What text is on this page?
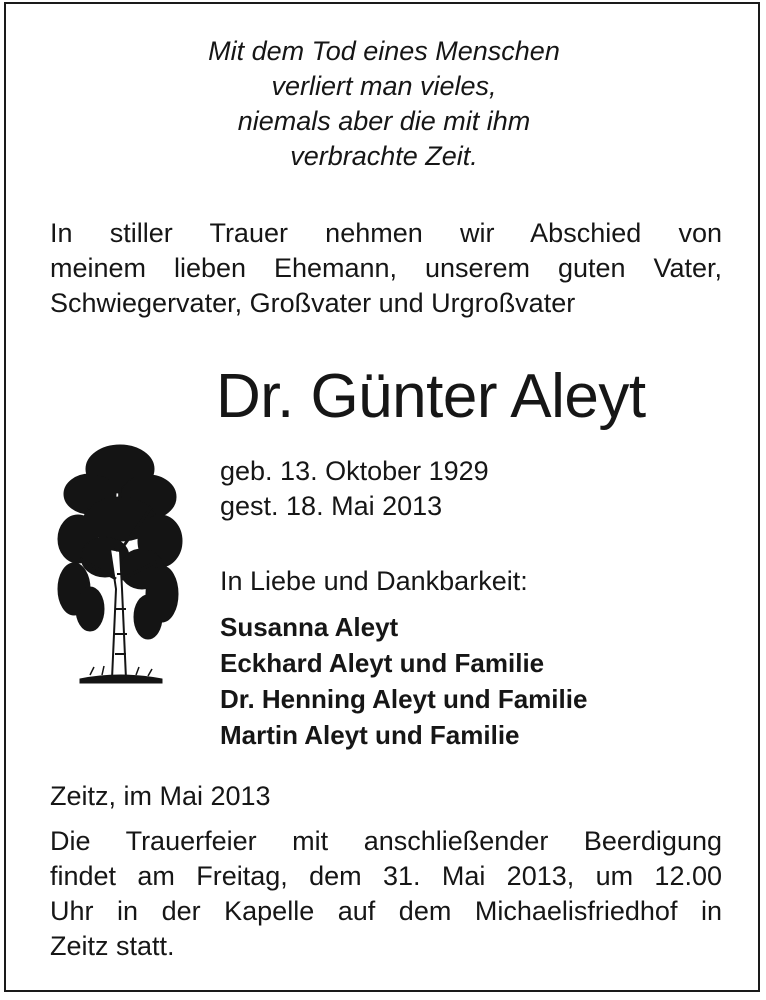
Mit dem Tod eines Menschen
verliert man vieles,
niemals aber die mit ihm
verbrachte Zeit.
In stiller Trauer nehmen wir Abschied von
meinem lieben Ehemann, unserem guten Vater,
Schwiegervater, Großvater und Urgroßvater
Dr. Günter Aleyt
geb. 13. Oktober 1929
gest. 18. Mai 2013
In Liebe und Dankbarkeit:
Susanna Aleyt
Eckhard Aleyt und Familie
Dr. Henning Aleyt und Familie
Martin Aleyt und Familie
Zeitz, im Mai 2013
Die Trauerfeier mit anschließender Beerdigung
findet am Freitag, dem 31. Mai 2013, um 12.00
Uhr in der Kapelle auf dem Michaelisfriedhof in
Zeitz statt.
